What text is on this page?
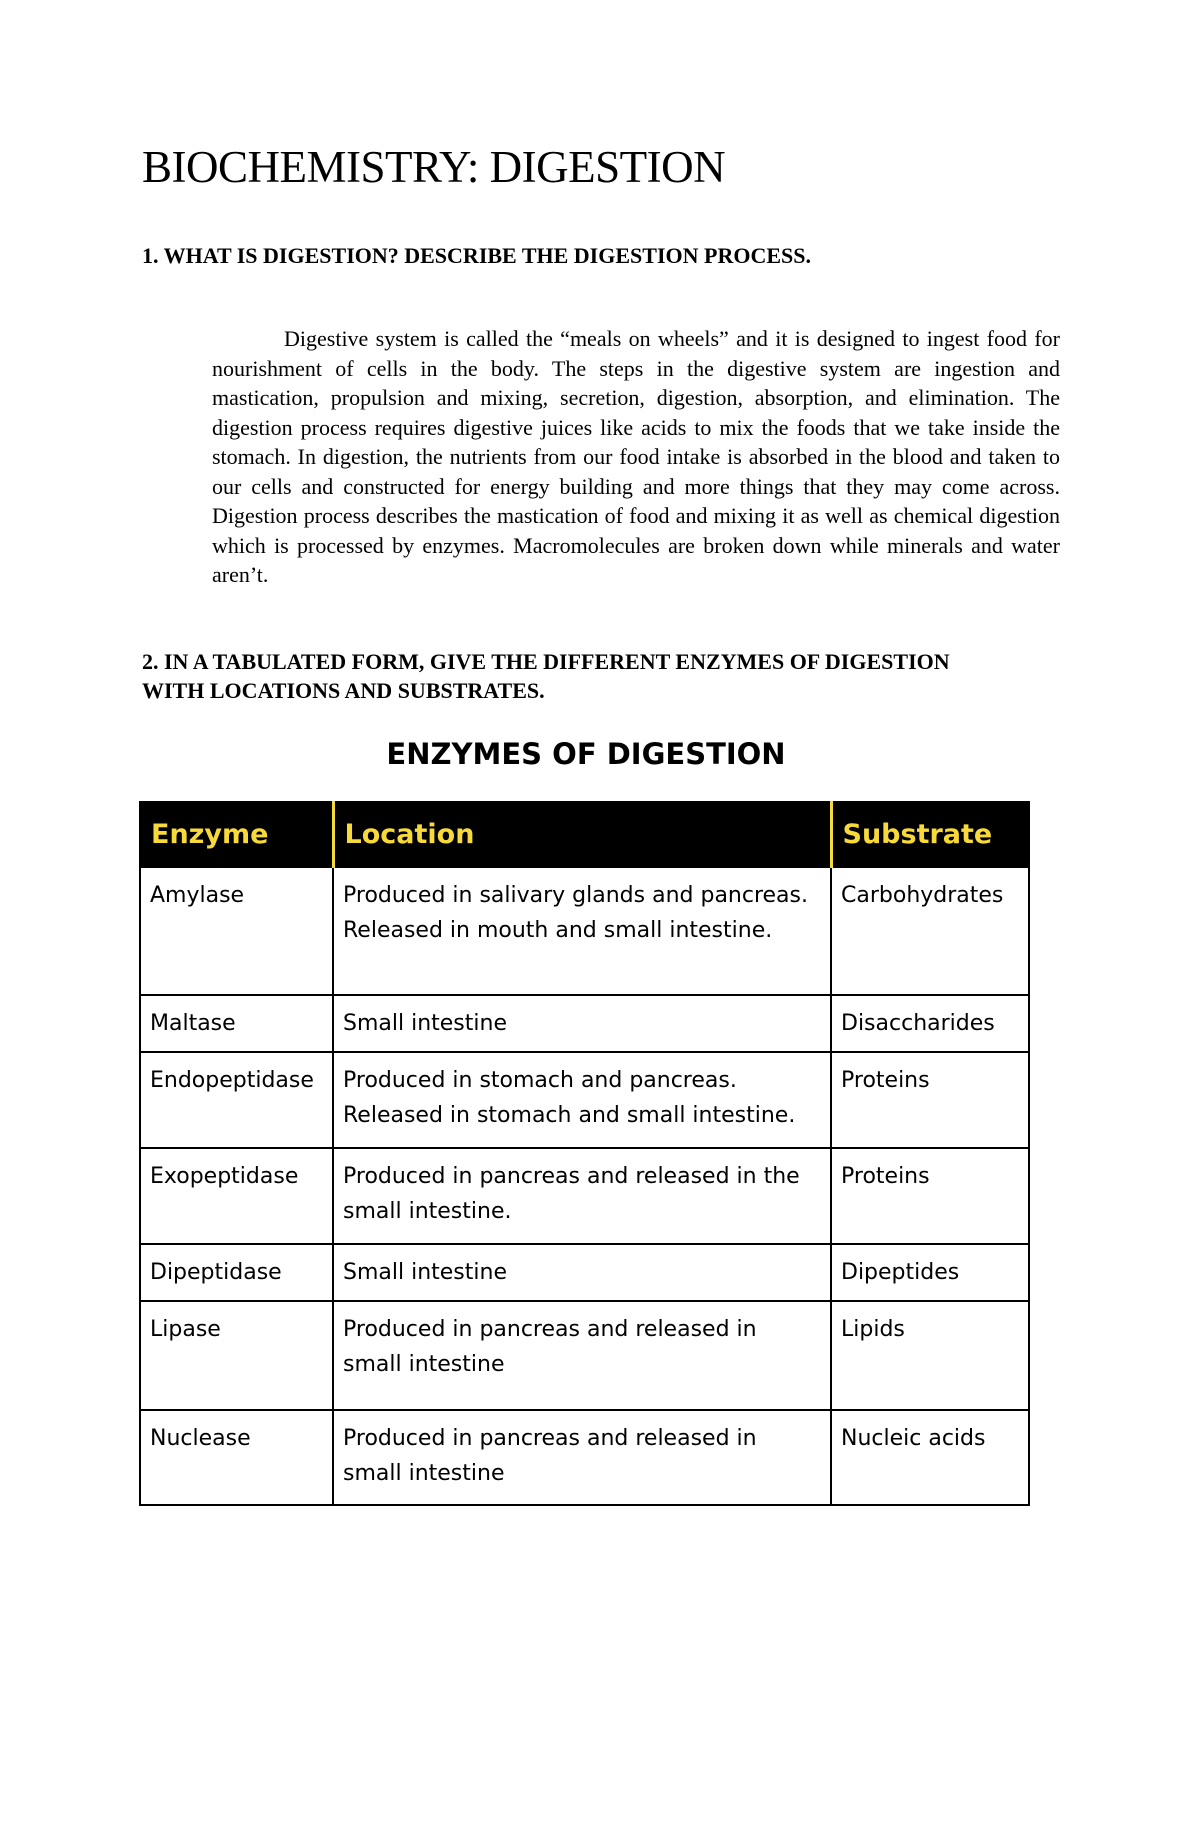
BIOCHEMISTRY: DIGESTION

1. WHAT IS DIGESTION? DESCRIBE THE DIGESTION PROCESS.

Digestive system is called the “meals on wheels” and it is designed to ingest food for nourishment of cells in the body. The steps in the digestive system are ingestion and mastication, propulsion and mixing, secretion, digestion, absorption, and elimination. The digestion process requires digestive juices like acids to mix the foods that we take inside the stomach. In digestion, the nutrients from our food intake is absorbed in the blood and taken to our cells and constructed for energy building and more things that they may come across. Digestion process describes the mastication of food and mixing it as well as chemical digestion which is processed by enzymes. Macromolecules are broken down while minerals and water aren’t.

2. IN A TABULATED FORM, GIVE THE DIFFERENT ENZYMES OF DIGESTION WITH LOCATIONS AND SUBSTRATES.

ENZYMES OF DIGESTION
Enzyme	Location	Substrate
Amylase	Produced in salivary glands and pancreas. Released in mouth and small intestine.	Carbohydrates
Maltase	Small intestine	Disaccharides
Endopeptidase	Produced in stomach and pancreas. Released in stomach and small intestine.	Proteins
Exopeptidase	Produced in pancreas and released in the small intestine.	Proteins
Dipeptidase	Small intestine	Dipeptides
Lipase	Produced in pancreas and released in small intestine	Lipids
Nuclease	Produced in pancreas and released in small intestine	Nucleic acids
